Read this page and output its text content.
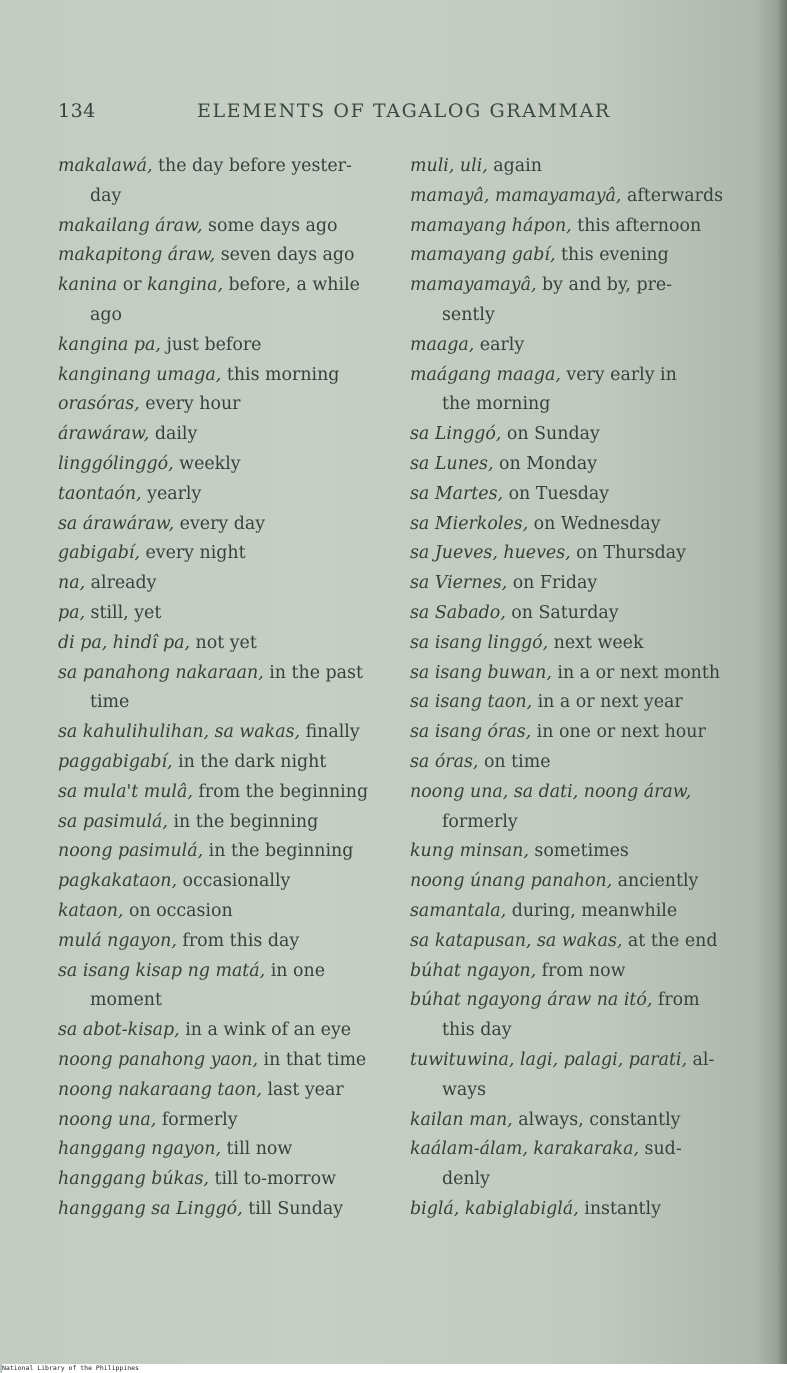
134	ELEMENTS OF TAGALOG GRAMMAR
makalawá, the day before yester-
day
makailang áraw, some days ago
makapitong áraw, seven days ago
kanina or kangina, before, a while
ago
kangina pa, just before
kanginang umaga, this morning
orasóras, every hour
árawáraw, daily
linggólinggó, weekly
taontaón, yearly
sa árawáraw, every day
gabigabí, every night
na, already
pa, still, yet
di pa, hindî pa, not yet
sa panahong nakaraan, in the past
time
sa kahulihulihan, sa wakas, finally
paggabigabí, in the dark night
sa mula't mulâ, from the beginning
sa pasimulá, in the beginning
noong pasimulá, in the beginning
pagkakataon, occasionally
kataon, on occasion
mulá ngayon, from this day
sa isang kisap ng matá, in one
moment
sa abot-kisap, in a wink of an eye
noong panahong yaon, in that time
noong nakaraang taon, last year
noong una, formerly
hanggang ngayon, till now
hanggang búkas, till to-morrow
hanggang sa Linggó, till Sunday
muli, uli, again
mamayâ, mamayamayâ, afterwards
mamayang hápon, this afternoon
mamayang gabí, this evening
mamayamayâ, by and by, pre-
sently
maaga, early
maágang maaga, very early in
the morning
sa Linggó, on Sunday
sa Lunes, on Monday
sa Martes, on Tuesday
sa Mierkoles, on Wednesday
sa Jueves, hueves, on Thursday
sa Viernes, on Friday
sa Sabado, on Saturday
sa isang linggó, next week
sa isang buwan, in a or next month
sa isang taon, in a or next year
sa isang óras, in one or next hour
sa óras, on time
noong una, sa dati, noong áraw,
formerly
kung minsan, sometimes
noong únang panahon, anciently
samantala, during, meanwhile
sa katapusan, sa wakas, at the end
búhat ngayon, from now
búhat ngayong áraw na itó, from
this day
tuwituwina, lagi, palagi, parati, al-
ways
kailan man, always, constantly
kaálam-álam, karakaraka, sud-
denly
biglá, kabiglabiglá, instantly
National Library of the Philippines
